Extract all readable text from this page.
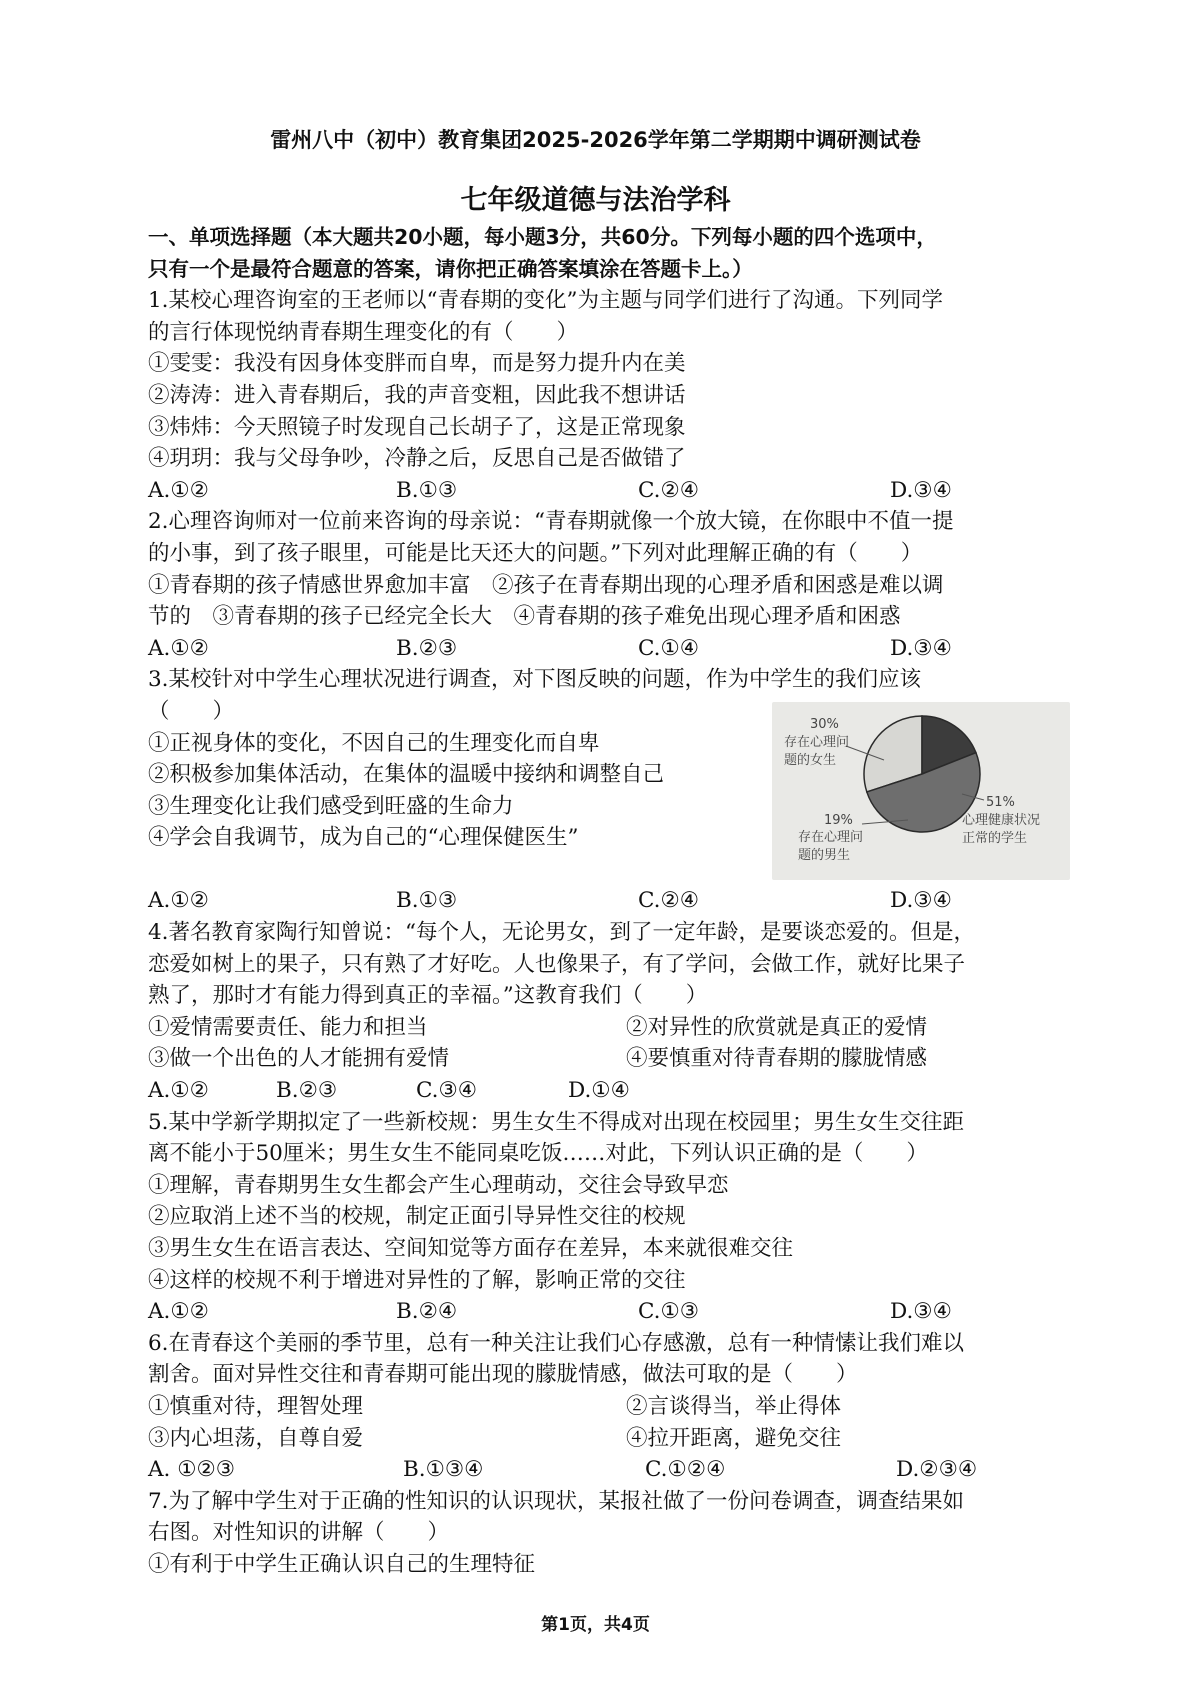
雷州八中（初中）教育集团2025-2026学年第二学期期中调研测试卷
七年级道德与法治学科
一、单项选择题（本大题共20小题，每小题3分，共60分。下列每小题的四个选项中，
只有一个是最符合题意的答案，请你把正确答案填涂在答题卡上。）
1.某校心理咨询室的王老师以“青春期的变化”为主题与同学们进行了沟通。下列同学
的言行体现悦纳青春期生理变化的有（　　）
①雯雯：我没有因身体变胖而自卑，而是努力提升内在美
②涛涛：进入青春期后，我的声音变粗，因此我不想讲话
③炜炜：今天照镜子时发现自己长胡子了，这是正常现象
④玥玥：我与父母争吵，冷静之后，反思自己是否做错了
A.①②	B.①③	C.②④	D.③④
2.心理咨询师对一位前来咨询的母亲说：“青春期就像一个放大镜，在你眼中不值一提
的小事，到了孩子眼里，可能是比天还大的问题。”下列对此理解正确的有（　　）
①青春期的孩子情感世界愈加丰富　②孩子在青春期出现的心理矛盾和困惑是难以调
节的　③青春期的孩子已经完全长大　④青春期的孩子难免出现心理矛盾和困惑
A.①②	B.②③	C.①④	D.③④
3.某校针对中学生心理状况进行调查，对下图反映的问题，作为中学生的我们应该
（　　）
①正视身体的变化，不因自己的生理变化而自卑
②积极参加集体活动，在集体的温暖中接纳和调整自己
③生理变化让我们感受到旺盛的生命力
④学会自我调节，成为自己的“心理保健医生”
A.①②	B.①③	C.②④	D.③④
4.著名教育家陶行知曾说：“每个人，无论男女，到了一定年龄，是要谈恋爱的。但是，
恋爱如树上的果子，只有熟了才好吃。人也像果子，有了学问，会做工作，就好比果子
熟了，那时才有能力得到真正的幸福。”这教育我们（　　）
①爱情需要责任、能力和担当	②对异性的欣赏就是真正的爱情
③做一个出色的人才能拥有爱情	④要慎重对待青春期的朦胧情感
A.①②	B.②③	C.③④	D.①④
5.某中学新学期拟定了一些新校规：男生女生不得成对出现在校园里；男生女生交往距
离不能小于50厘米；男生女生不能同桌吃饭……对此，下列认识正确的是（　　）
①理解，青春期男生女生都会产生心理萌动，交往会导致早恋
②应取消上述不当的校规，制定正面引导异性交往的校规
③男生女生在语言表达、空间知觉等方面存在差异，本来就很难交往
④这样的校规不利于增进对异性的了解，影响正常的交往
A.①②	B.②④	C.①③	D.③④
6.在青春这个美丽的季节里，总有一种关注让我们心存感激，总有一种情愫让我们难以
割舍。面对异性交往和青春期可能出现的朦胧情感，做法可取的是（　　）
①慎重对待，理智处理	②言谈得当，举止得体
③内心坦荡，自尊自爱	④拉开距离，避免交往
A. ①②③	B.①③④	C.①②④	D.②③④
7.为了解中学生对于正确的性知识的认识现状，某报社做了一份问卷调查，调查结果如
右图。对性知识的讲解（　　）
①有利于中学生正确认识自己的生理特征
30%
存在心理问
题的女生
19%
存在心理问
题的男生
51%
心理健康状况
正常的学生
第1页，共4页
